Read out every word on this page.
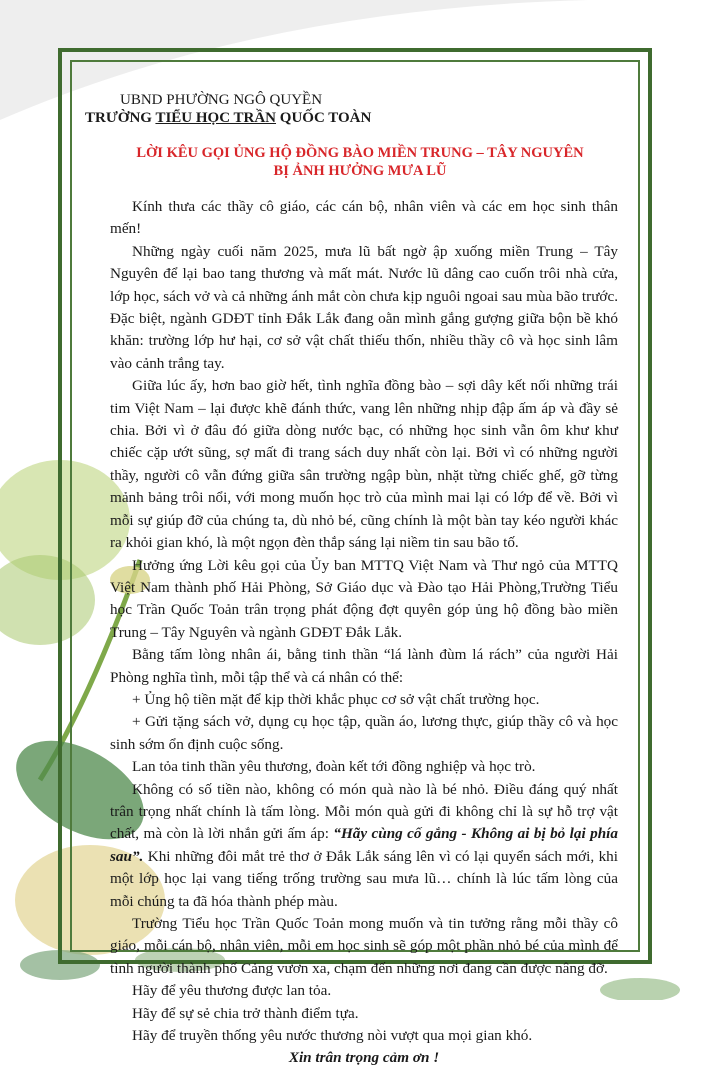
UBND PHƯỜNG NGÔ QUYỀN
TRƯỜNG TIỂU HỌC TRẦN QUỐC TOÀN
LỜI KÊU GỌI ỦNG HỘ ĐỒNG BÀO MIỀN TRUNG – TÂY NGUYÊN
BỊ ẢNH HƯỞNG MƯA LŨ

Kính thưa các thầy cô giáo, các cán bộ, nhân viên và các em học sinh thân mến!

Những ngày cuối năm 2025, mưa lũ bất ngờ ập xuống miền Trung – Tây Nguyên để lại bao tang thương và mất mát. Nước lũ dâng cao cuốn trôi nhà cửa, lớp học, sách vở và cả những ánh mắt còn chưa kịp nguôi ngoai sau mùa bão trước. Đặc biệt, ngành GDĐT tỉnh Đắk Lắk đang oằn mình gắng gượng giữa bộn bề khó khăn: trường lớp hư hại, cơ sở vật chất thiếu thốn, nhiều thầy cô và học sinh lâm vào cảnh trắng tay.

Giữa lúc ấy, hơn bao giờ hết, tình nghĩa đồng bào – sợi dây kết nối những trái tim Việt Nam – lại được khẽ đánh thức, vang lên những nhịp đập ấm áp và đầy sẻ chia. Bởi vì ở đâu đó giữa dòng nước bạc, có những học sinh vẫn ôm khư khư chiếc cặp ướt sũng, sợ mất đi trang sách duy nhất còn lại. Bởi vì có những người thầy, người cô vẫn đứng giữa sân trường ngập bùn, nhặt từng chiếc ghế, gỡ từng mảnh bảng trôi nổi, với mong muốn học trò của mình mai lại có lớp để về. Bởi vì mỗi sự giúp đỡ của chúng ta, dù nhỏ bé, cũng chính là một bàn tay kéo người khác ra khỏi gian khó, là một ngọn đèn thắp sáng lại niềm tin sau bão tố.

Hưởng ứng Lời kêu gọi của Ủy ban MTTQ Việt Nam và Thư ngỏ của MTTQ Việt Nam thành phố Hải Phòng, Sở Giáo dục và Đào tạo Hải Phòng,Trường Tiểu học Trần Quốc Toản trân trọng phát động đợt quyên góp ủng hộ đồng bào miền Trung – Tây Nguyên và ngành GDĐT Đắk Lắk.

Bằng tấm lòng nhân ái, bằng tinh thần “lá lành đùm lá rách” của người Hải Phòng nghĩa tình, mỗi tập thể và cá nhân có thể:

+ Ủng hộ tiền mặt để kịp thời khắc phục cơ sở vật chất trường học.

+ Gửi tặng sách vở, dụng cụ học tập, quần áo, lương thực, giúp thầy cô và học sinh sớm ổn định cuộc sống.

Lan tỏa tinh thần yêu thương, đoàn kết tới đồng nghiệp và học trò.

Không có số tiền nào, không có món quà nào là bé nhỏ. Điều đáng quý nhất trân trọng nhất chính là tấm lòng. Mỗi món quà gửi đi không chỉ là sự hỗ trợ vật chất, mà còn là lời nhắn gửi ấm áp: “Hãy cùng cố gắng - Không ai bị bỏ lại phía sau”. Khi những đôi mắt trẻ thơ ở Đắk Lắk sáng lên vì có lại quyển sách mới, khi một lớp học lại vang tiếng trống trường sau mưa lũ… chính là lúc tấm lòng của mỗi chúng ta đã hóa thành phép màu.

Trường Tiểu học Trần Quốc Toản mong muốn và tin tưởng rằng mỗi thầy cô giáo, mỗi cán bộ, nhân viên, mỗi em học sinh sẽ góp một phần nhỏ bé của mình để tình người thành phố Cảng vươn xa, chạm đến những nơi đang cần được nâng đỡ.

Hãy để yêu thương được lan tỏa.

Hãy để sự sẻ chia trở thành điểm tựa.

Hãy để truyền thống yêu nước thương nòi vượt qua mọi gian khó.

Xin trân trọng cảm ơn !
